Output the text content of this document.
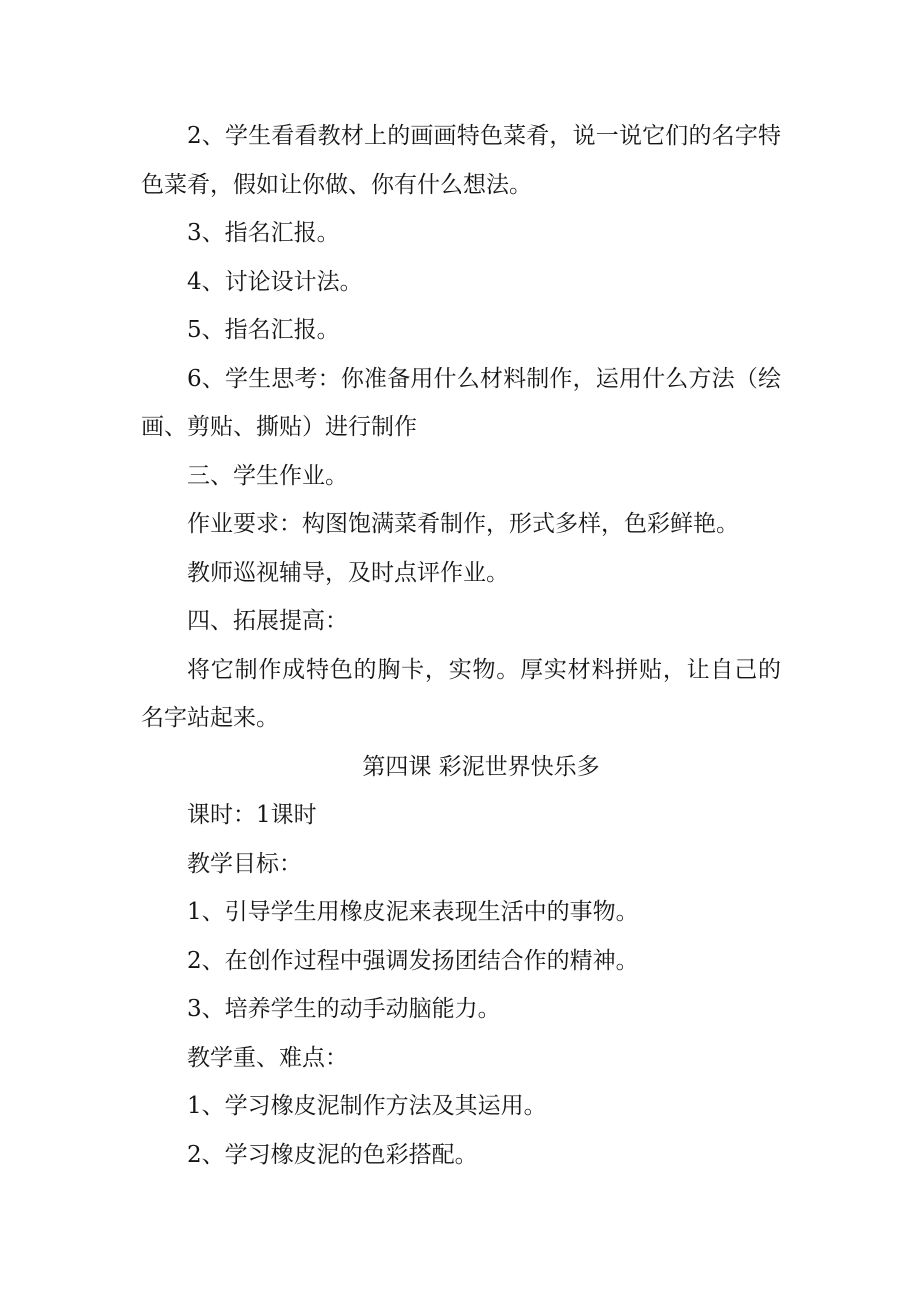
2、学生看看教材上的画画特色菜肴，说一说它们的名字特色菜肴，假如让你做、你有什么想法。

3、指名汇报。

4、讨论设计法。

5、指名汇报。

6、学生思考：你准备用什么材料制作，运用什么方法（绘画、剪贴、撕贴）进行制作

三、学生作业。

作业要求：构图饱满菜肴制作，形式多样，色彩鲜艳。

教师巡视辅导，及时点评作业。

四、拓展提高：

将它制作成特色的胸卡，实物。厚实材料拼贴，让自己的名字站起来。

第四课 彩泥世界快乐多

课时：1课时

教学目标：

1、引导学生用橡皮泥来表现生活中的事物。

2、在创作过程中强调发扬团结合作的精神。

3、培养学生的动手动脑能力。

教学重、难点：

1、学习橡皮泥制作方法及其运用。

2、学习橡皮泥的色彩搭配。
